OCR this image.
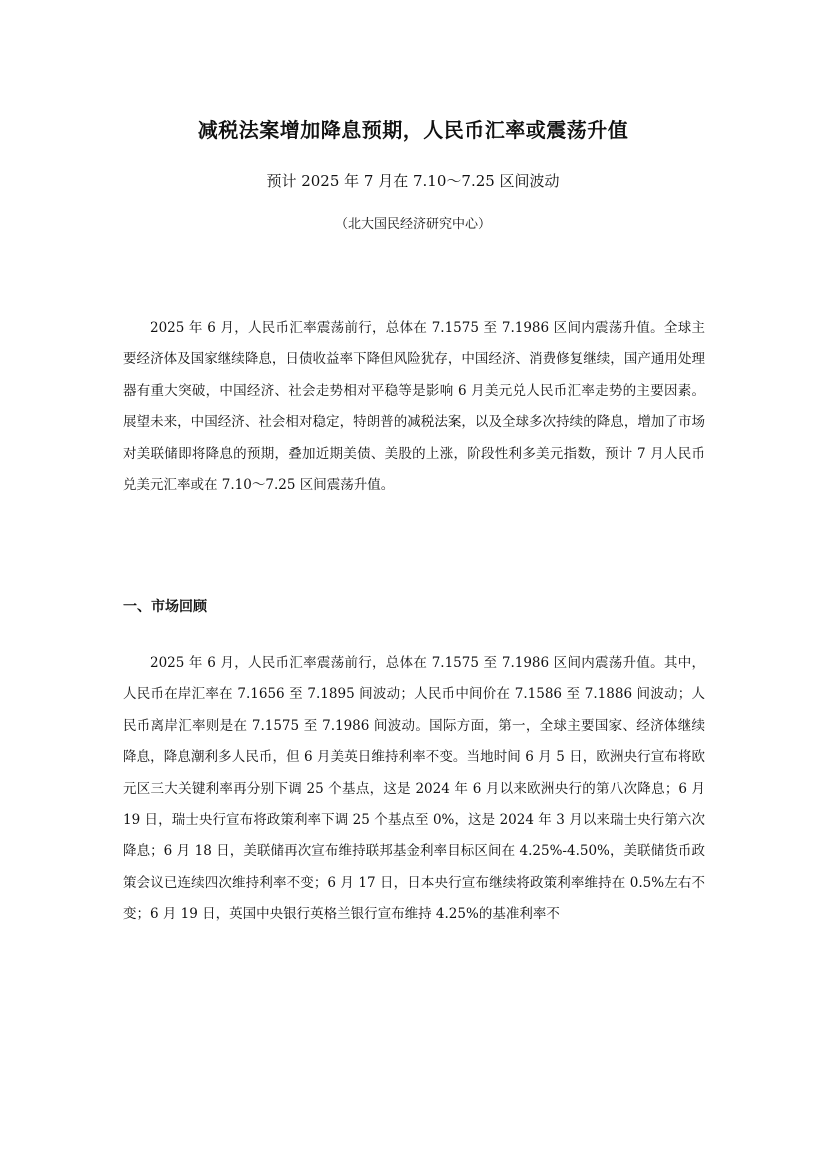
减税法案增加降息预期，人民币汇率或震荡升值
预计 2025 年 7 月在 7.10～7.25 区间波动
（北大国民经济研究中心）

2025 年 6 月，人民币汇率震荡前行，总体在 7.1575 至 7.1986 区间内震荡升值。全球主要经济体及国家继续降息，日债收益率下降但风险犹存，中国经济、消费修复继续，国产通用处理器有重大突破，中国经济、社会走势相对平稳等是影响 6 月美元兑人民币汇率走势的主要因素。展望未来，中国经济、社会相对稳定，特朗普的减税法案，以及全球多次持续的降息，增加了市场对美联储即将降息的预期，叠加近期美债、美股的上涨，阶段性利多美元指数，预计 7 月人民币兑美元汇率或在 7.10～7.25 区间震荡升值。

一、市场回顾

2025 年 6 月，人民币汇率震荡前行，总体在 7.1575 至 7.1986 区间内震荡升值。其中，人民币在岸汇率在 7.1656 至 7.1895 间波动；人民币中间价在 7.1586 至 7.1886 间波动；人民币离岸汇率则是在 7.1575 至 7.1986 间波动。国际方面，第一，全球主要国家、经济体继续降息，降息潮利多人民币，但 6 月美英日维持利率不变。当地时间 6 月 5 日，欧洲央行宣布将欧元区三大关键利率再分别下调 25 个基点，这是 2024 年 6 月以来欧洲央行的第八次降息；6 月 19 日，瑞士央行宣布将政策利率下调 25 个基点至 0%，这是 2024 年 3 月以来瑞士央行第六次降息；6 月 18 日，美联储再次宣布维持联邦基金利率目标区间在 4.25%-4.50%，美联储货币政策会议已连续四次维持利率不变；6 月 17 日，日本央行宣布继续将政策利率维持在 0.5%左右不变；6 月 19 日，英国中央银行英格兰银行宣布维持 4.25%的基准利率不
